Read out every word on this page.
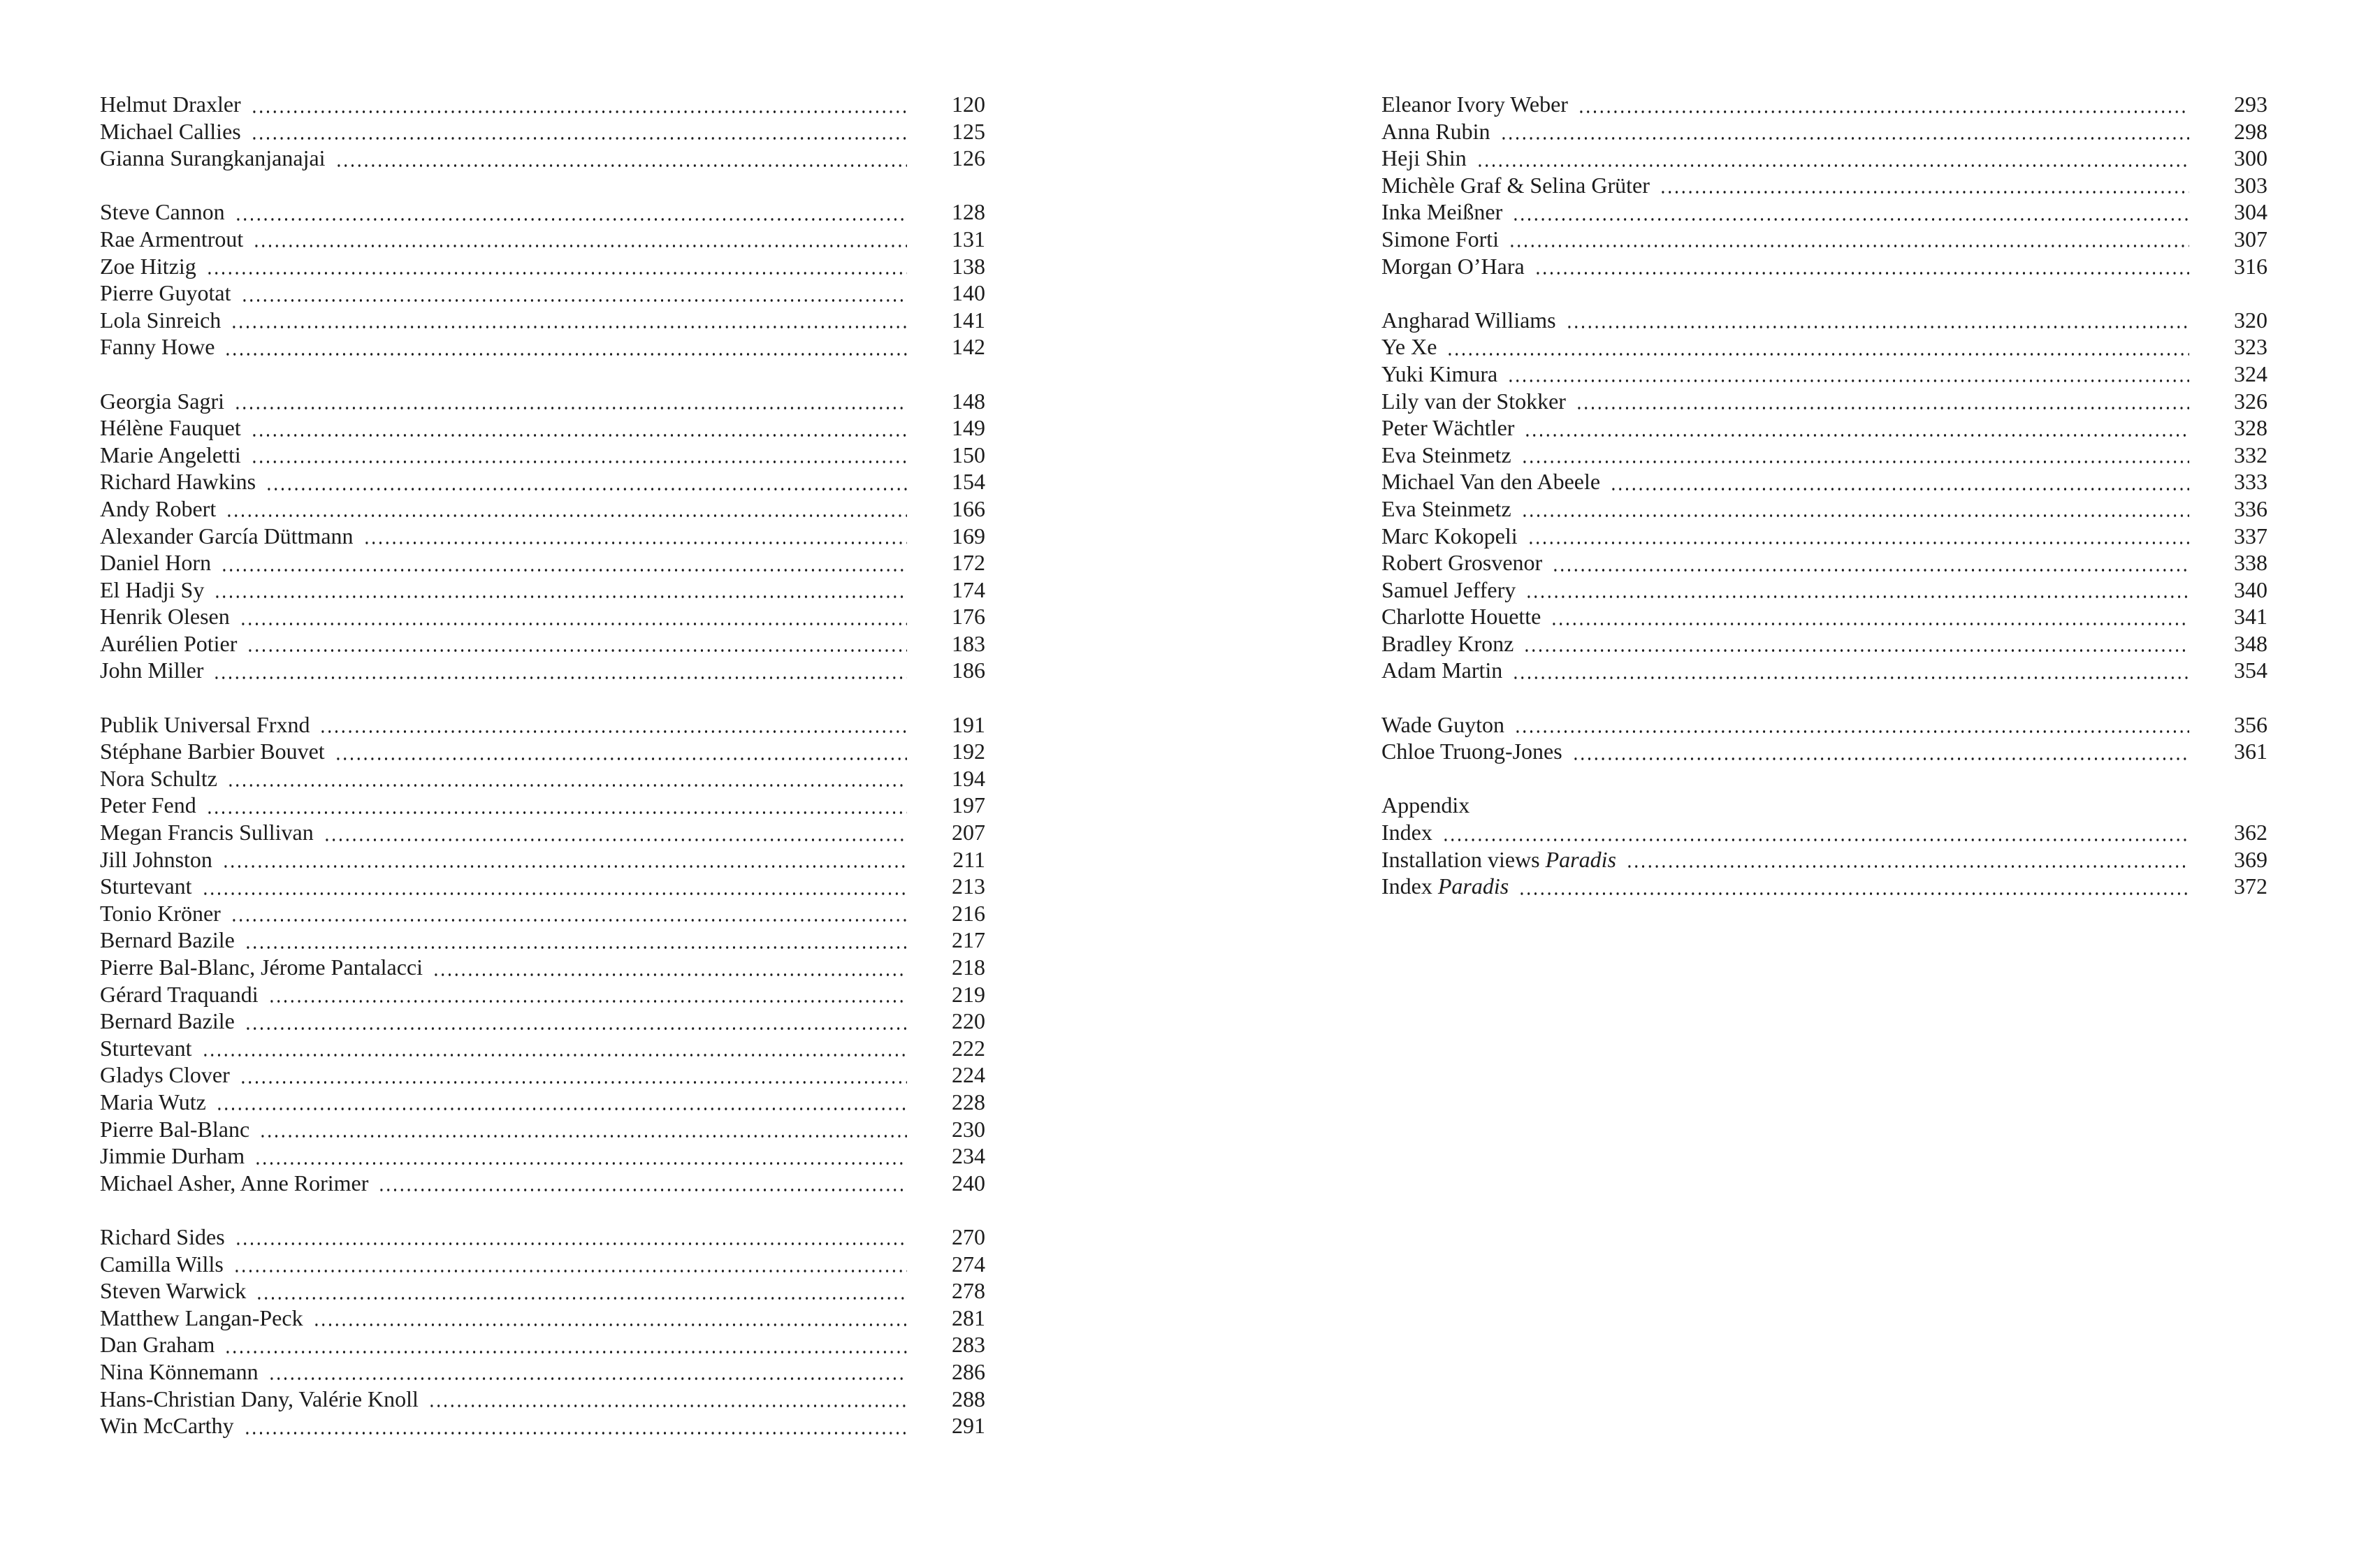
Helmut Draxler	120
Michael Callies	125
Gianna Surangkanjanajai	126
Steve Cannon	128
Rae Armentrout	131
Zoe Hitzig	138
Pierre Guyotat	140
Lola Sinreich	141
Fanny Howe	142
Georgia Sagri	148
Hélène Fauquet	149
Marie Angeletti	150
Richard Hawkins	154
Andy Robert	166
Alexander García Düttmann	169
Daniel Horn	172
El Hadji Sy	174
Henrik Olesen	176
Aurélien Potier	183
John Miller	186
Publik Universal Frxnd	191
Stéphane Barbier Bouvet	192
Nora Schultz	194
Peter Fend	197
Megan Francis Sullivan	207
Jill Johnston	211
Sturtevant	213
Tonio Kröner	216
Bernard Bazile	217
Pierre Bal-Blanc, Jérome Pantalacci	218
Gérard Traquandi	219
Bernard Bazile	220
Sturtevant	222
Gladys Clover	224
Maria Wutz	228
Pierre Bal-Blanc	230
Jimmie Durham	234
Michael Asher, Anne Rorimer	240
Richard Sides	270
Camilla Wills	274
Steven Warwick	278
Matthew Langan-Peck	281
Dan Graham	283
Nina Könnemann	286
Hans-Christian Dany, Valérie Knoll	288
Win McCarthy	291
Eleanor Ivory Weber	293
Anna Rubin	298
Heji Shin	300
Michèle Graf & Selina Grüter	303
Inka Meißner	304
Simone Forti	307
Morgan O’Hara	316
Angharad Williams	320
Ye Xe	323
Yuki Kimura	324
Lily van der Stokker	326
Peter Wächtler	328
Eva Steinmetz	332
Michael Van den Abeele	333
Eva Steinmetz	336
Marc Kokopeli	337
Robert Grosvenor	338
Samuel Jeffery	340
Charlotte Houette	341
Bradley Kronz	348
Adam Martin	354
Wade Guyton	356
Chloe Truong-Jones	361
Appendix
Index	362
Installation views Paradis	369
Index Paradis	372
